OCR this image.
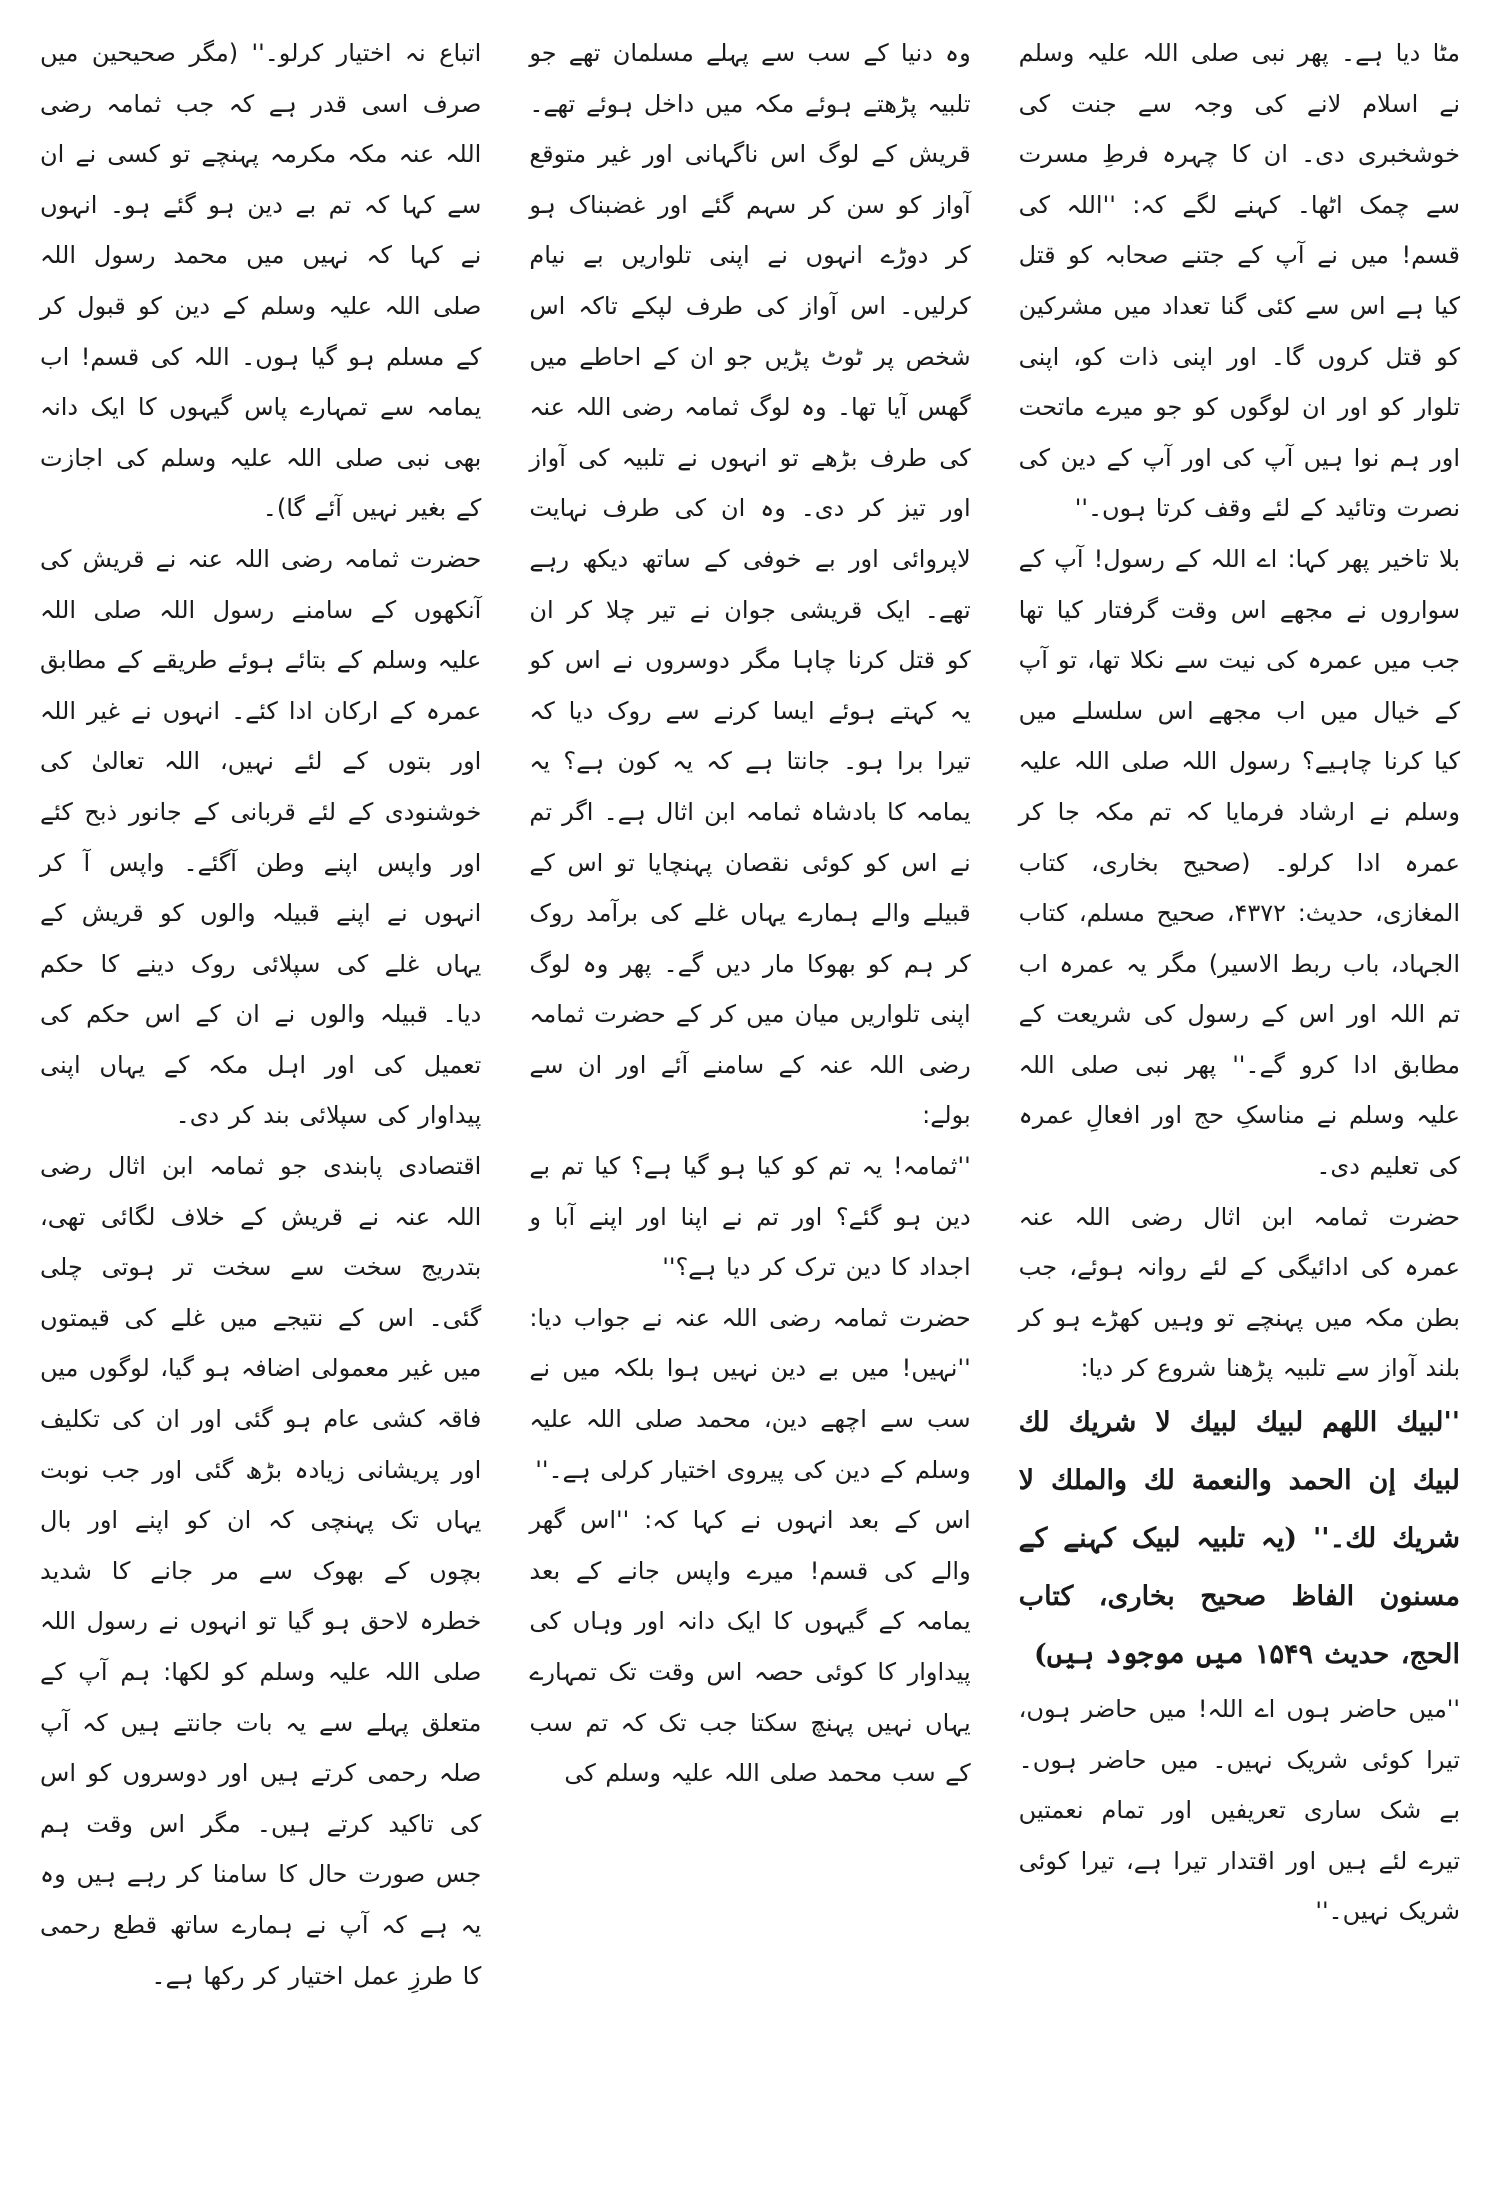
مٹا دیا ہے۔ پھر نبی صلی اللہ علیہ وسلم نے اسلام لانے کی وجہ سے جنت کی خوشخبری دی۔ ان کا چہرہ فرطِ مسرت سے چمک اٹھا۔ کہنے لگے کہ: ''اللہ کی قسم! میں نے آپ کے جتنے صحابہ کو قتل کیا ہے اس سے کئی گنا تعداد میں مشرکین کو قتل کروں گا۔ اور اپنی ذات کو، اپنی تلوار کو اور ان لوگوں کو جو میرے ماتحت اور ہم نوا ہیں آپ کی اور آپ کے دین کی نصرت وتائید کے لئے وقف کرتا ہوں۔''

بلا تاخیر پھر کہا: اے اللہ کے رسول! آپ کے سواروں نے مجھے اس وقت گرفتار کیا تھا جب میں عمرہ کی نیت سے نکلا تھا، تو آپ کے خیال میں اب مجھے اس سلسلے میں کیا کرنا چاہیے؟ رسول اللہ صلی اللہ علیہ وسلم نے ارشاد فرمایا کہ تم مکہ جا کر عمرہ ادا کرلو۔ (صحیح بخاری، کتاب المغازی، حدیث: ۴۳۷۲، صحیح مسلم، کتاب الجہاد، باب ربط الاسیر) مگر یہ عمرہ اب تم اللہ اور اس کے رسول کی شریعت کے مطابق ادا کرو گے۔'' پھر نبی صلی اللہ علیہ وسلم نے مناسکِ حج اور افعالِ عمرہ کی تعلیم دی۔

حضرت ثمامہ ابن اثال رضی اللہ عنہ عمرہ کی ادائیگی کے لئے روانہ ہوئے، جب بطن مکہ میں پہنچے تو وہیں کھڑے ہو کر بلند آواز سے تلبیہ پڑھنا شروع کر دیا:

''لبيك اللهم لبيك لبيك لا شريك لك لبيك إن الحمد والنعمة لك والملك لا شريك لك۔'' (یہ تلبیہ لبیک کہنے کے مسنون الفاظ صحیح بخاری، کتاب الحج، حدیث ۱۵۴۹ میں موجود ہیں)

''میں حاضر ہوں اے اللہ! میں حاضر ہوں، تیرا کوئی شریک نہیں۔ میں حاضر ہوں۔ بے شک ساری تعریفیں اور تمام نعمتیں تیرے لئے ہیں اور اقتدار تیرا ہے، تیرا کوئی شریک نہیں۔''

وہ دنیا کے سب سے پہلے مسلمان تھے جو تلبیہ پڑھتے ہوئے مکہ میں داخل ہوئے تھے۔ قریش کے لوگ اس ناگہانی اور غیر متوقع آواز کو سن کر سہم گئے اور غضبناک ہو کر دوڑے انہوں نے اپنی تلواریں بے نیام کرلیں۔ اس آواز کی طرف لپکے تاکہ اس شخص پر ٹوٹ پڑیں جو ان کے احاطے میں گھس آیا تھا۔ وہ لوگ ثمامہ رضی اللہ عنہ کی طرف بڑھے تو انہوں نے تلبیہ کی آواز اور تیز کر دی۔ وہ ان کی طرف نہایت لاپروائی اور بے خوفی کے ساتھ دیکھ رہے تھے۔ ایک قریشی جوان نے تیر چلا کر ان کو قتل کرنا چاہا مگر دوسروں نے اس کو یہ کہتے ہوئے ایسا کرنے سے روک دیا کہ تیرا برا ہو۔ جانتا ہے کہ یہ کون ہے؟ یہ یمامہ کا بادشاہ ثمامہ ابن اثال ہے۔ اگر تم نے اس کو کوئی نقصان پہنچایا تو اس کے قبیلے والے ہمارے یہاں غلے کی برآمد روک کر ہم کو بھوکا مار دیں گے۔ پھر وہ لوگ اپنی تلواریں میان میں کر کے حضرت ثمامہ رضی اللہ عنہ کے سامنے آئے اور ان سے بولے:

''ثمامہ! یہ تم کو کیا ہو گیا ہے؟ کیا تم بے دین ہو گئے؟ اور تم نے اپنا اور اپنے آبا و اجداد کا دین ترک کر دیا ہے؟''

حضرت ثمامہ رضی اللہ عنہ نے جواب دیا: ''نہیں! میں بے دین نہیں ہوا بلکہ میں نے سب سے اچھے دین، محمد صلی اللہ علیہ وسلم کے دین کی پیروی اختیار کرلی ہے۔''

اس کے بعد انہوں نے کہا کہ: ''اس گھر والے کی قسم! میرے واپس جانے کے بعد یمامہ کے گیہوں کا ایک دانہ اور وہاں کی پیداوار کا کوئی حصہ اس وقت تک تمہارے یہاں نہیں پہنچ سکتا جب تک کہ تم سب کے سب محمد صلی اللہ علیہ وسلم کی

اتباع نہ اختیار کرلو۔'' (مگر صحیحین میں صرف اسی قدر ہے کہ جب ثمامہ رضی اللہ عنہ مکہ مکرمہ پہنچے تو کسی نے ان سے کہا کہ تم بے دین ہو گئے ہو۔ انہوں نے کہا کہ نہیں میں محمد رسول اللہ صلی اللہ علیہ وسلم کے دین کو قبول کر کے مسلم ہو گیا ہوں۔ اللہ کی قسم! اب یمامہ سے تمہارے پاس گیہوں کا ایک دانہ بھی نبی صلی اللہ علیہ وسلم کی اجازت کے بغیر نہیں آئے گا)۔

حضرت ثمامہ رضی اللہ عنہ نے قریش کی آنکھوں کے سامنے رسول اللہ صلی اللہ علیہ وسلم کے بتائے ہوئے طریقے کے مطابق عمرہ کے ارکان ادا کئے۔ انہوں نے غیر اللہ اور بتوں کے لئے نہیں، اللہ تعالیٰ کی خوشنودی کے لئے قربانی کے جانور ذبح کئے اور واپس اپنے وطن آگئے۔ واپس آ کر انہوں نے اپنے قبیلہ والوں کو قریش کے یہاں غلے کی سپلائی روک دینے کا حکم دیا۔ قبیلہ والوں نے ان کے اس حکم کی تعمیل کی اور اہل مکہ کے یہاں اپنی پیداوار کی سپلائی بند کر دی۔

اقتصادی پابندی جو ثمامہ ابن اثال رضی اللہ عنہ نے قریش کے خلاف لگائی تھی، بتدریج سخت سے سخت تر ہوتی چلی گئی۔ اس کے نتیجے میں غلے کی قیمتوں میں غیر معمولی اضافہ ہو گیا، لوگوں میں فاقہ کشی عام ہو گئی اور ان کی تکلیف اور پریشانی زیادہ بڑھ گئی اور جب نوبت یہاں تک پہنچی کہ ان کو اپنے اور بال بچوں کے بھوک سے مر جانے کا شدید خطرہ لاحق ہو گیا تو انہوں نے رسول اللہ صلی اللہ علیہ وسلم کو لکھا: ہم آپ کے متعلق پہلے سے یہ بات جانتے ہیں کہ آپ صلہ رحمی کرتے ہیں اور دوسروں کو اس کی تاکید کرتے ہیں۔ مگر اس وقت ہم جس صورت حال کا سامنا کر رہے ہیں وہ یہ ہے کہ آپ نے ہمارے ساتھ قطع رحمی کا طرزِ عمل اختیار کر رکھا ہے۔
